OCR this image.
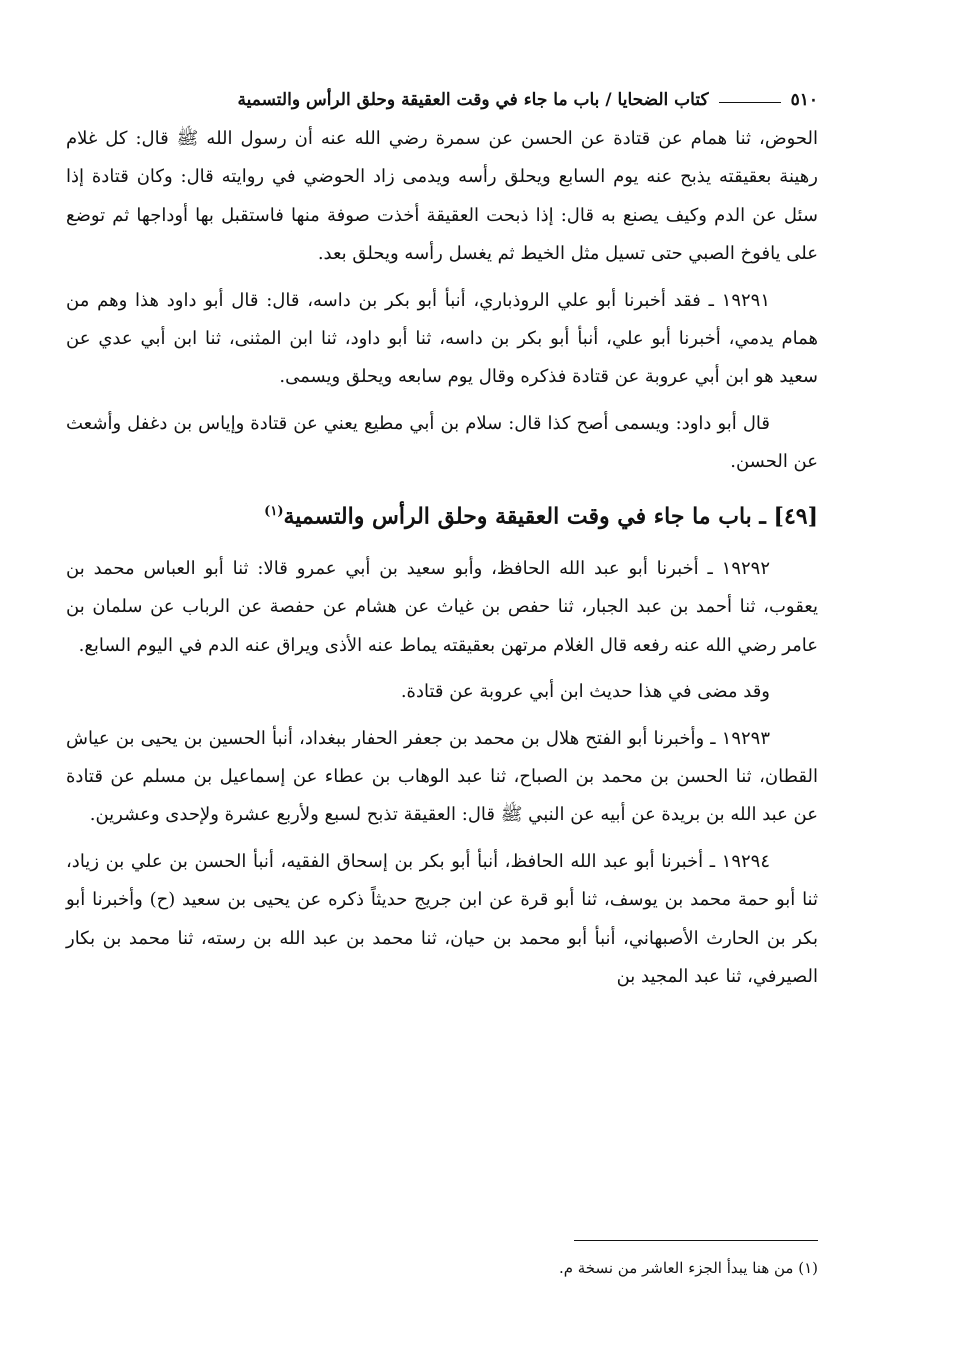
٥١٠
كتاب الضحايا /
باب ما جاء في وقت العقيقة وحلق الرأس والتسمية

الحوض، ثنا همام عن قتادة عن الحسن عن سمرة رضي الله عنه أن رسول الله ﷺ قال: كل غلام رهينة بعقيقته يذبح عنه يوم السابع ويحلق رأسه ويدمى زاد الحوضي في روايته قال: وكان قتادة إذا سئل عن الدم وكيف يصنع به قال: إذا ذبحت العقيقة أخذت صوفة منها فاستقبل بها أوداجها ثم توضع على يافوخ الصبي حتى تسيل مثل الخيط ثم يغسل رأسه ويحلق بعد.

١٩٢٩١ ـ فقد أخبرنا أبو علي الروذباري، أنبأ أبو بكر بن داسه، قال: قال أبو داود هذا وهم من همام يدمي، أخبرنا أبو علي، أنبأ أبو بكر بن داسه، ثنا أبو داود، ثنا ابن المثنى، ثنا ابن أبي عدي عن سعيد هو ابن أبي عروبة عن قتادة فذكره وقال يوم سابعه ويحلق ويسمى.

قال أبو داود: ويسمى أصح كذا قال: سلام بن أبي مطيع يعني عن قتادة وإياس بن دغفل وأشعث عن الحسن.

[٤٩] ـ باب ما جاء في وقت العقيقة وحلق الرأس والتسمية$^{(١)}$

١٩٢٩٢ ـ أخبرنا أبو عبد الله الحافظ، وأبو سعيد بن أبي عمرو قالا: ثنا أبو العباس محمد بن يعقوب، ثنا أحمد بن عبد الجبار، ثنا حفص بن غياث عن هشام عن حفصة عن الرباب عن سلمان بن عامر رضي الله عنه رفعه قال الغلام مرتهن بعقيقته يماط عنه الأذى ويراق عنه الدم في اليوم السابع.

وقد مضى في هذا حديث ابن أبي عروبة عن قتادة.

١٩٢٩٣ ـ وأخبرنا أبو الفتح هلال بن محمد بن جعفر الحفار ببغداد، أنبأ الحسين بن يحيى بن عياش القطان، ثنا الحسن بن محمد بن الصباح، ثنا عبد الوهاب بن عطاء عن إسماعيل بن مسلم عن قتادة عن عبد الله بن بريدة عن أبيه عن النبي ﷺ قال: العقيقة تذبح لسبع ولأربع عشرة ولإحدى وعشرين.

١٩٢٩٤ ـ أخبرنا أبو عبد الله الحافظ، أنبأ أبو بكر بن إسحاق الفقيه، أنبأ الحسن بن علي بن زياد، ثنا أبو حمة محمد بن يوسف، ثنا أبو قرة عن ابن جريج حديثاً ذكره عن يحيى بن سعيد (ح) وأخبرنا أبو بكر بن الحارث الأصبهاني، أنبأ أبو محمد بن حيان، ثنا محمد بن عبد الله بن رسته، ثنا محمد بن بكار الصيرفي، ثنا عبد المجيد بن

(١) من هنا يبدأ الجزء العاشر من نسخة م.
